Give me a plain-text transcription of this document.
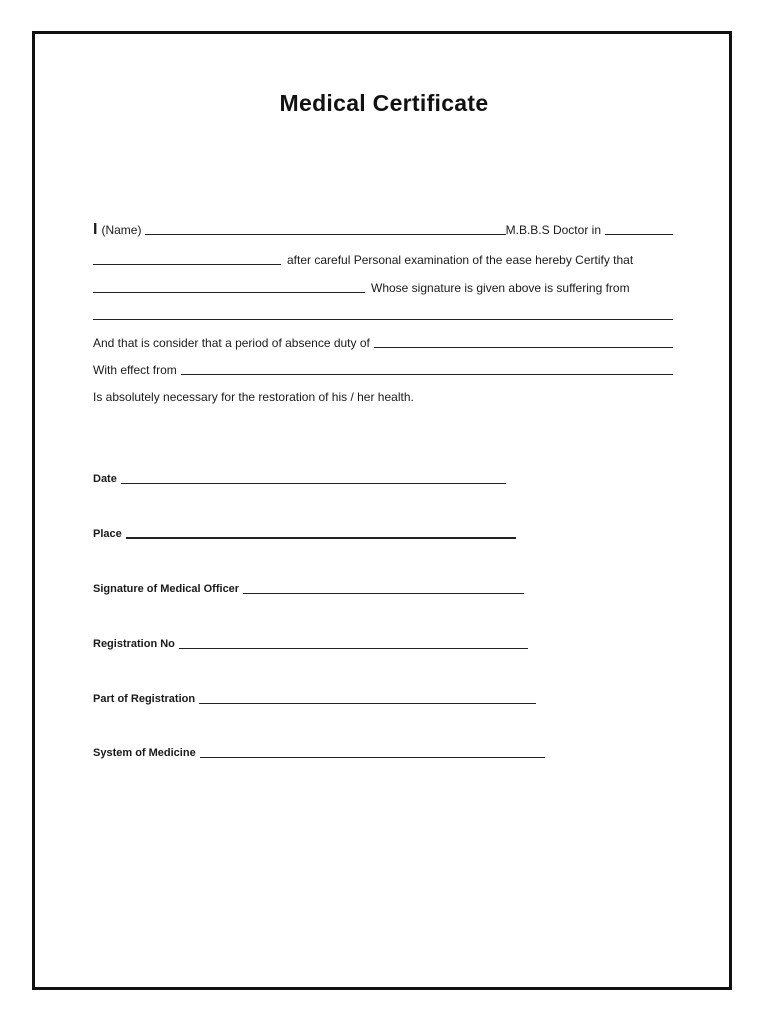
Medical Certificate
I (Name)	M.B.B.S Doctor in
after careful Personal examination of the ease hereby Certify that
Whose signature is given above is suffering from
And that is consider that a period of absence duty of
With effect from
Is absolutely necessary for the restoration of his / her health.
Date
Place
Signature of Medical Officer
Registration No
Part of Registration
System of Medicine
